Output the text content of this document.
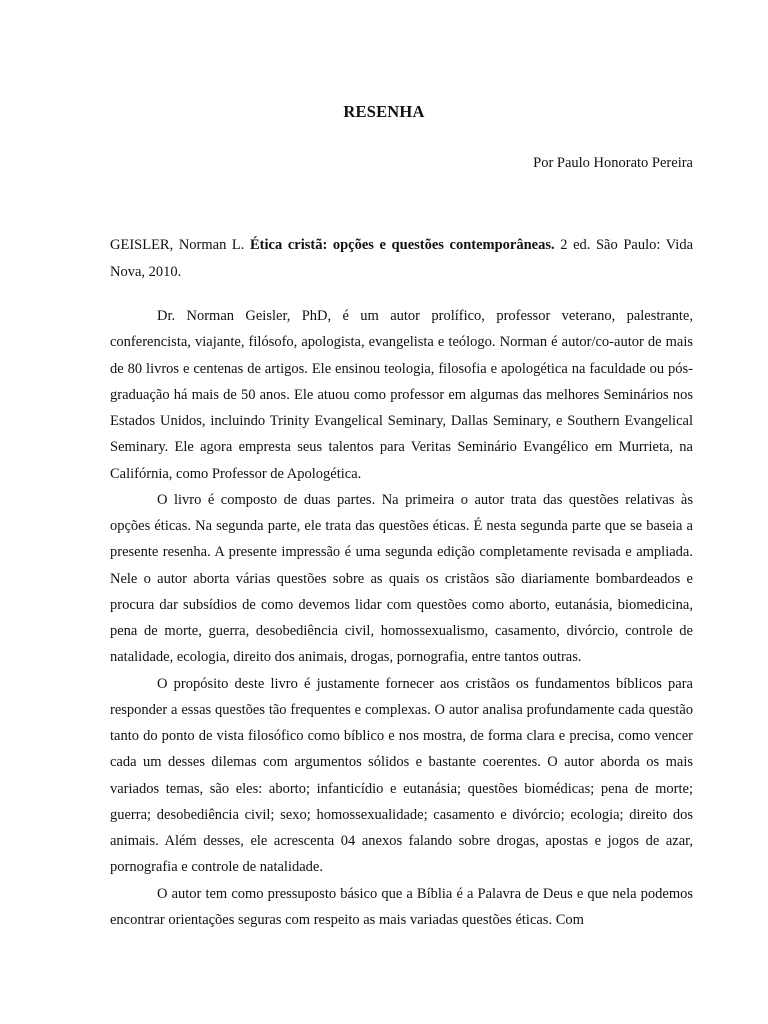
RESENHA
Por Paulo Honorato Pereira
GEISLER, Norman L. Ética cristã: opções e questões contemporâneas. 2 ed. São Paulo: Vida Nova, 2010.

Dr. Norman Geisler, PhD, é um autor prolífico, professor veterano, palestrante, conferencista, viajante, filósofo, apologista, evangelista e teólogo. Norman é autor/co-autor de mais de 80 livros e centenas de artigos. Ele ensinou teologia, filosofia e apologética na faculdade ou pós-graduação há mais de 50 anos. Ele atuou como professor em algumas das melhores Seminários nos Estados Unidos, incluindo Trinity Evangelical Seminary, Dallas Seminary, e Southern Evangelical Seminary. Ele agora empresta seus talentos para Veritas Seminário Evangélico em Murrieta, na Califórnia, como Professor de Apologética.

O livro é composto de duas partes. Na primeira o autor trata das questões relativas às opções éticas. Na segunda parte, ele trata das questões éticas. É nesta segunda parte que se baseia a presente resenha. A presente impressão é uma segunda edição completamente revisada e ampliada. Nele o autor aborta várias questões sobre as quais os cristãos são diariamente bombardeados e procura dar subsídios de como devemos lidar com questões como aborto, eutanásia, biomedicina, pena de morte, guerra, desobediência civil, homossexualismo, casamento, divórcio, controle de natalidade, ecologia, direito dos animais, drogas, pornografia, entre tantos outras.

O propósito deste livro é justamente fornecer aos cristãos os fundamentos bíblicos para responder a essas questões tão frequentes e complexas. O autor analisa profundamente cada questão tanto do ponto de vista filosófico como bíblico e nos mostra, de forma clara e precisa, como vencer cada um desses dilemas com argumentos sólidos e bastante coerentes. O autor aborda os mais variados temas, são eles: aborto; infanticídio e eutanásia; questões biomédicas; pena de morte; guerra; desobediência civil; sexo; homossexualidade; casamento e divórcio; ecologia; direito dos animais. Além desses, ele acrescenta 04 anexos falando sobre drogas, apostas e jogos de azar, pornografia e controle de natalidade.

O autor tem como pressuposto básico que a Bíblia é a Palavra de Deus e que nela podemos encontrar orientações seguras com respeito as mais variadas questões éticas. Com
